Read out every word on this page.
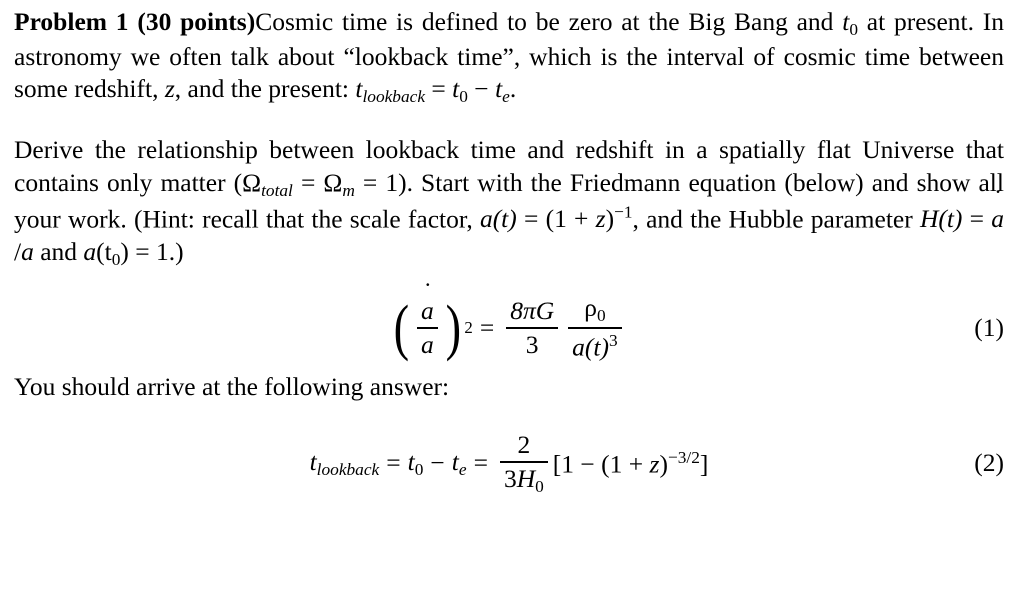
Problem 1 (30 points)Cosmic time is defined to be zero at the Big Bang and $t_0$ at present. In astronomy we often talk about “lookback time”, which is the interval of cosmic time between some redshift, z, and the present: $t_{lookback} = t_0 - t_e$.

Derive the relationship between lookback time and redshift in a spatially flat Universe that contains only matter $(\Omega_{total} = \Omega_m = 1)$. Start with the Friedmann equation (below) and show all your work. (Hint: recall that the scale factor, $a(t) = (1 + z)^{-1}$, and the Hubble parameter H(t) = a ˙/a and $a(t_0) = 1$.)

( $\frac{a ˙}{a}$ ) $2 = \frac{8\pi G}{3} \frac{\rho_0}{a(t)^3}$	(1)

You should arrive at the following answer:

$t_{lookback} = t_0 - t_e = \frac{2}{3H_0} [1 - (1 + z)^{-3/2}]$	(2)
